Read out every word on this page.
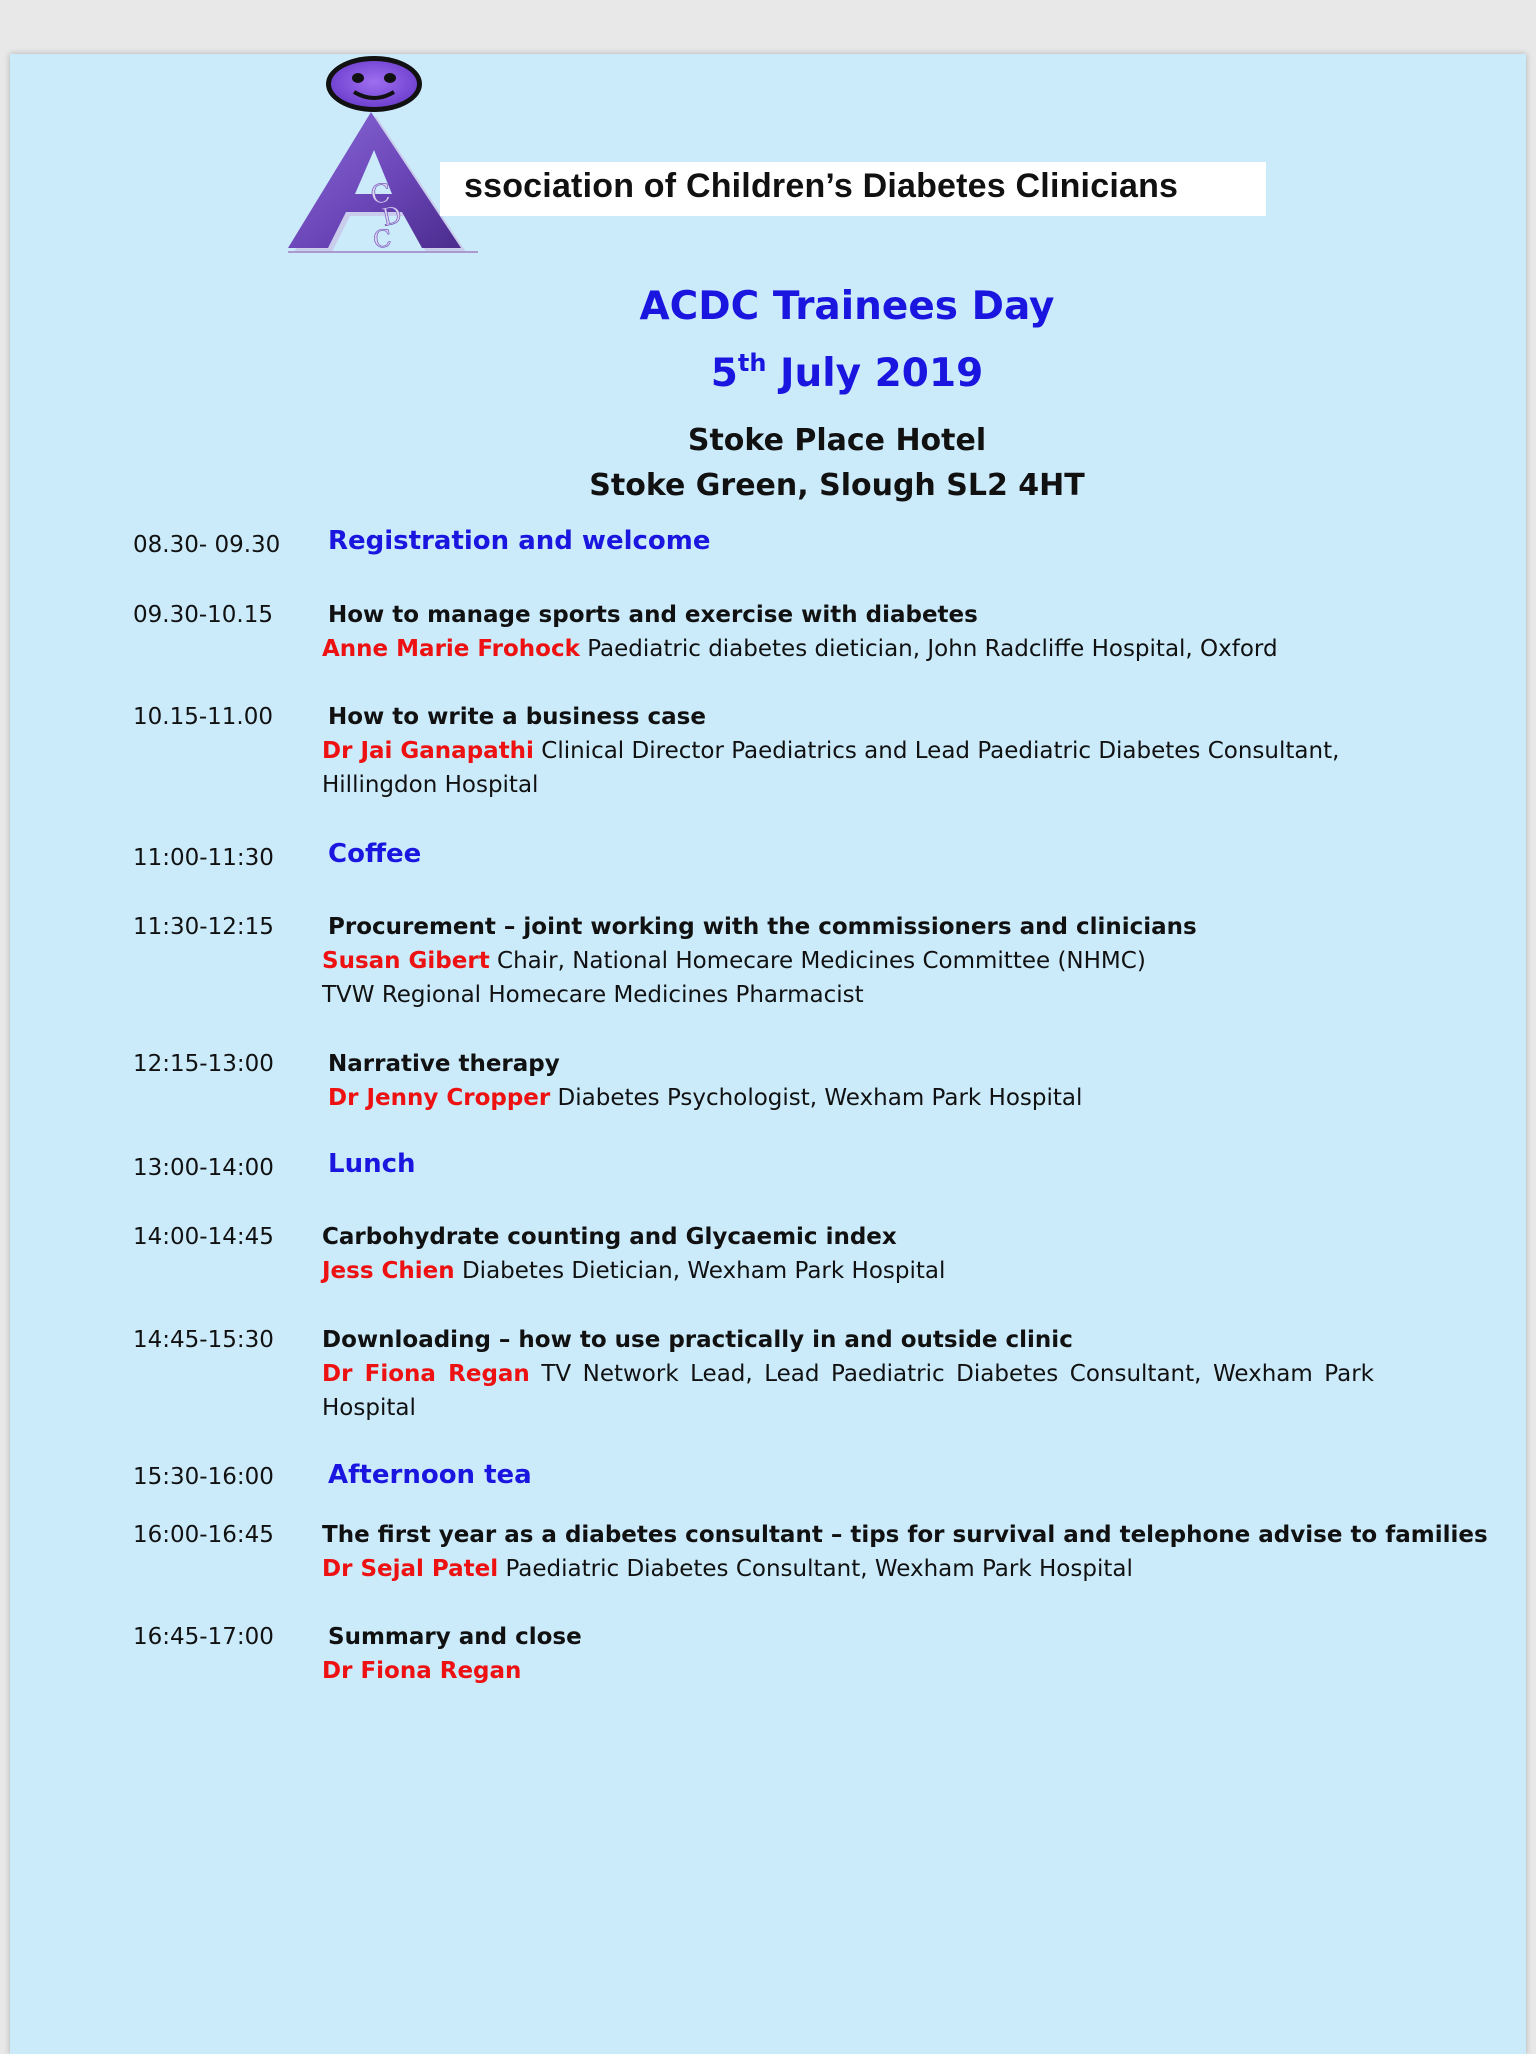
C
D
C
ssociation of Children’s Diabetes Clinicians
ACDC Trainees Day
5th July 2019
Stoke Place Hotel
Stoke Green, Slough SL2 4HT
08.30- 09.30 Registration and welcome
09.30-10.15 How to manage sports and exercise with diabetes
Anne Marie Frohock Paediatric diabetes dietician, John Radcliffe Hospital, Oxford
10.15-11.00 How to write a business case
Dr Jai Ganapathi Clinical Director Paediatrics and Lead Paediatric Diabetes Consultant, Hillingdon Hospital
11:00-11:30 Coffee
11:30-12:15 Procurement – joint working with the commissioners and clinicians
Susan Gibert Chair, National Homecare Medicines Committee (NHMC)
TVW Regional Homecare Medicines Pharmacist
12:15-13:00 Narrative therapy
Dr Jenny Cropper Diabetes Psychologist, Wexham Park Hospital
13:00-14:00 Lunch
14:00-14:45 Carbohydrate counting and Glycaemic index
Jess Chien Diabetes Dietician, Wexham Park Hospital
14:45-15:30 Downloading – how to use practically in and outside clinic
Dr Fiona Regan TV Network Lead, Lead Paediatric Diabetes Consultant, Wexham Park Hospital
15:30-16:00 Afternoon tea
16:00-16:45 The first year as a diabetes consultant – tips for survival and telephone advise to families
Dr Sejal Patel Paediatric Diabetes Consultant, Wexham Park Hospital
16:45-17:00 Summary and close
Dr Fiona Regan
